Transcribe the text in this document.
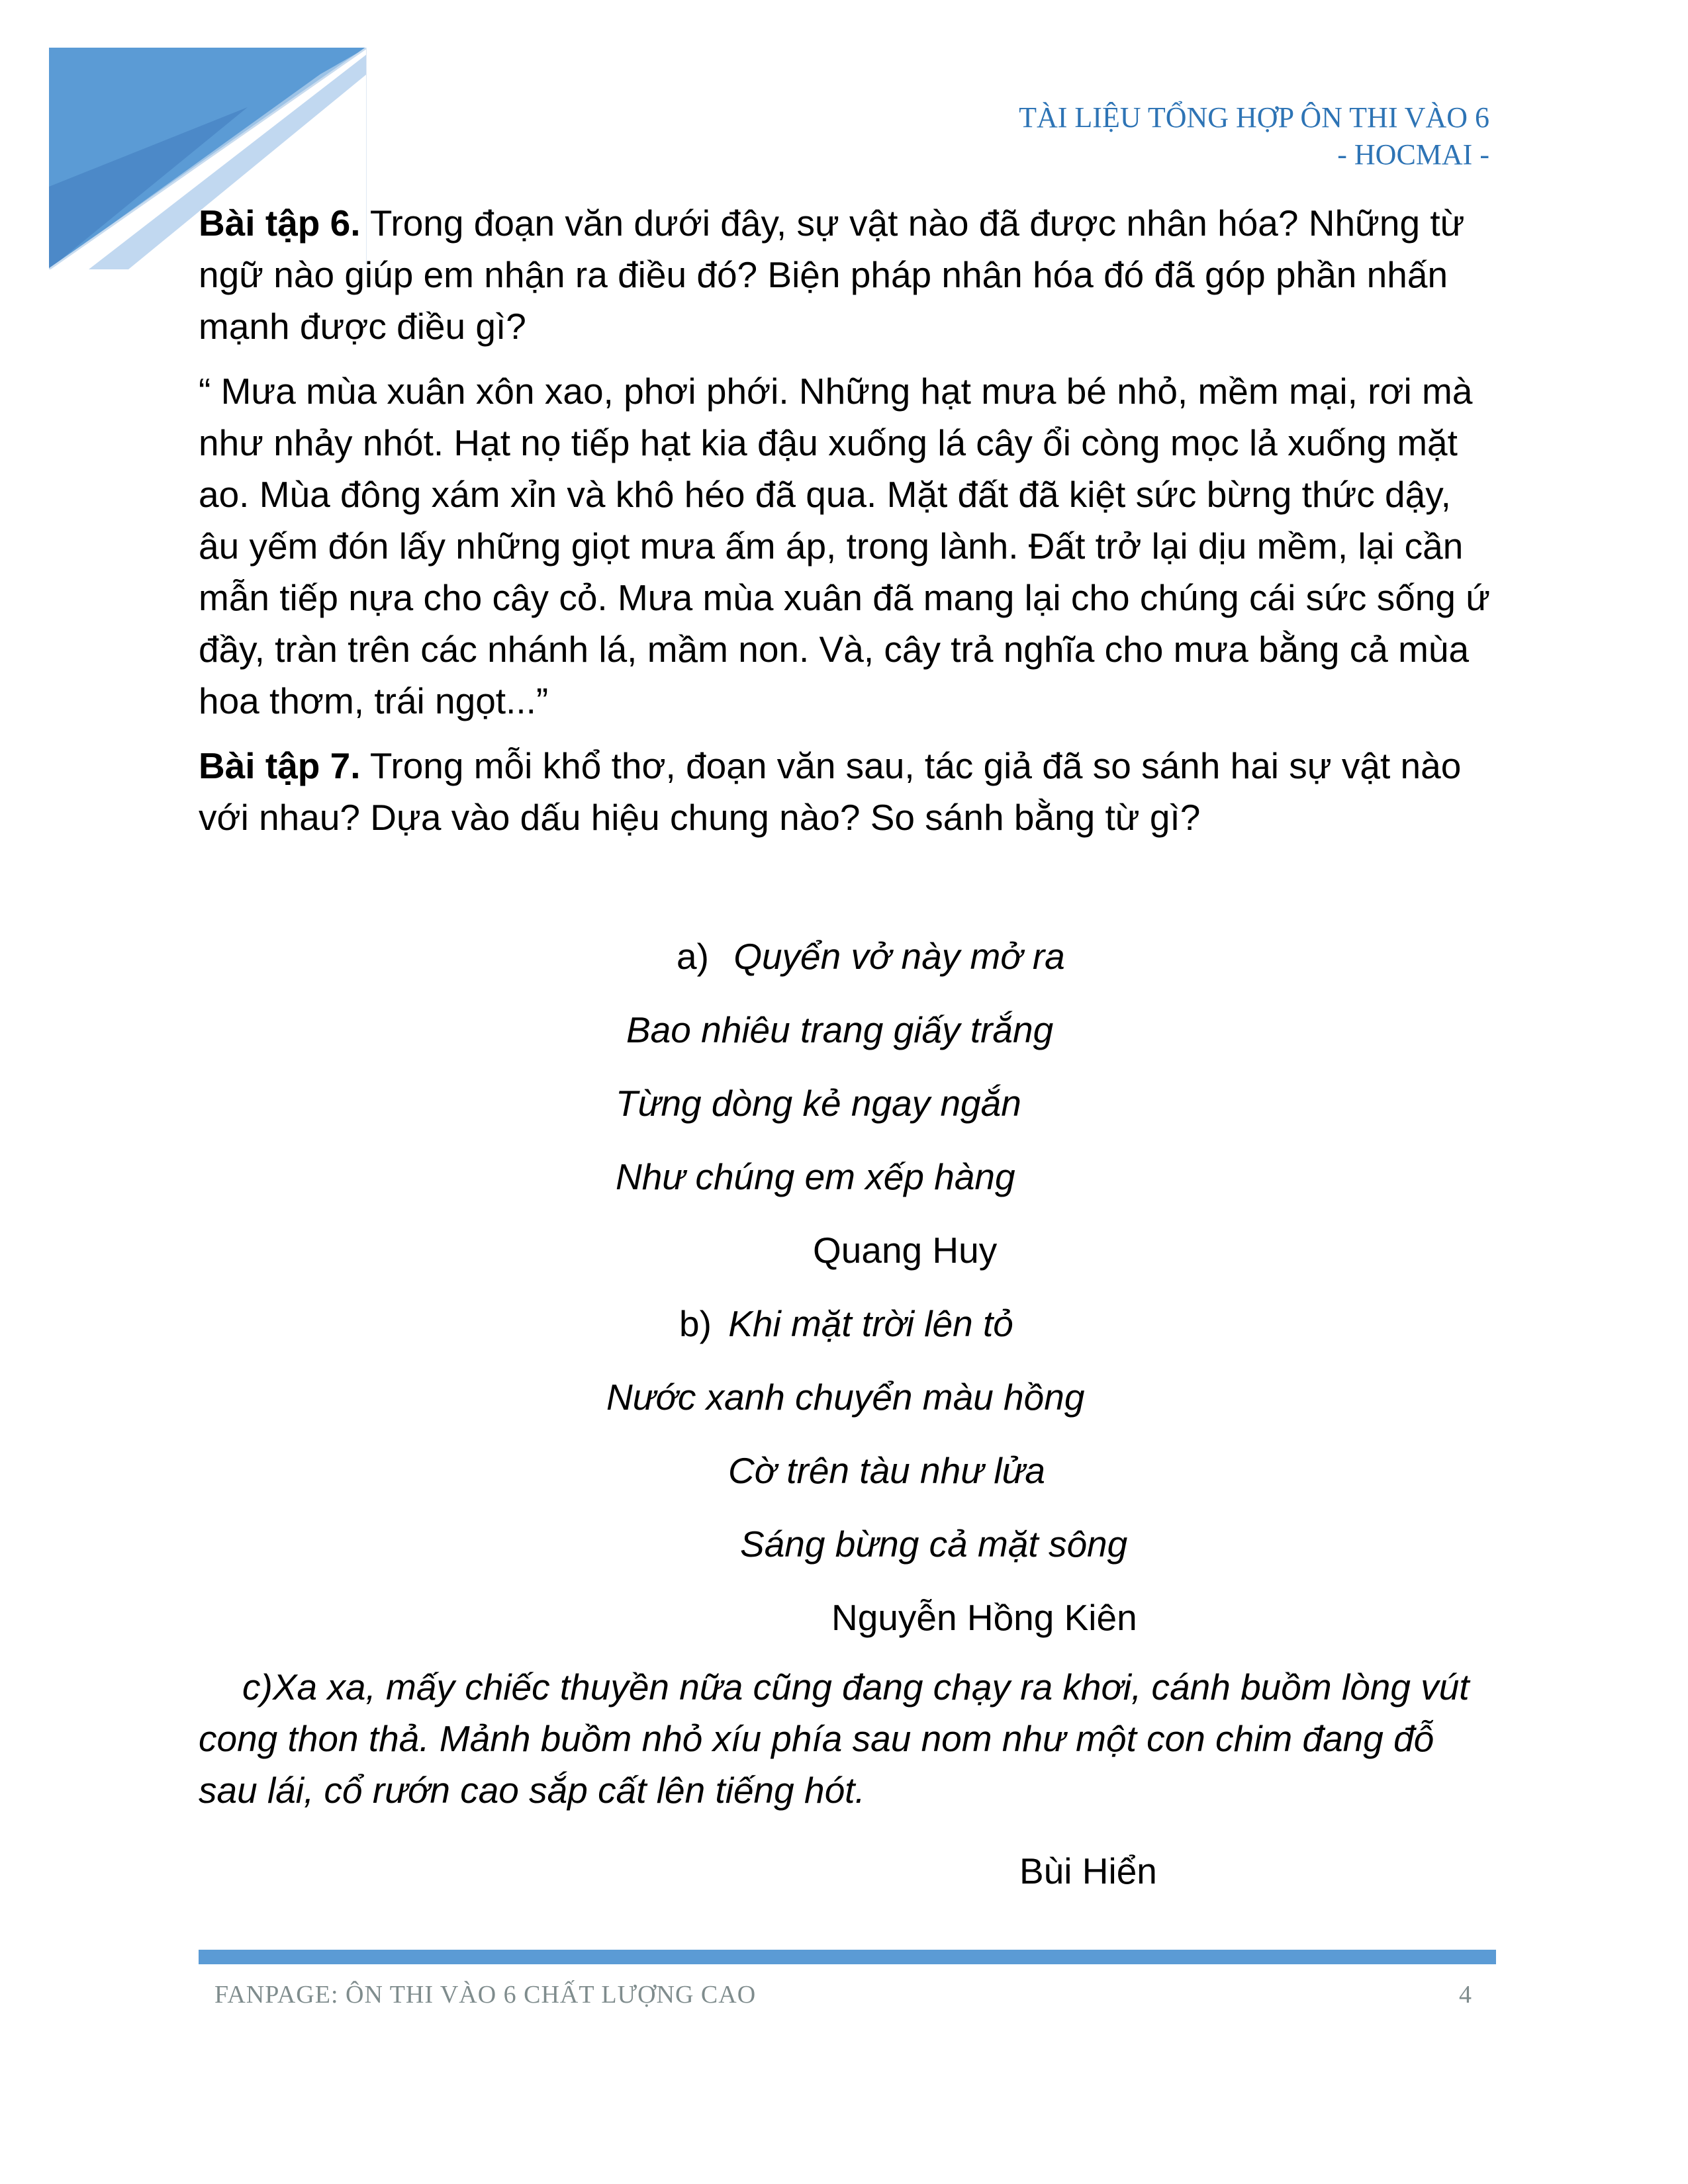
TÀI LIỆU TỔNG HỢP ÔN THI VÀO 6
- HOCMAI -

Bài tập 6. Trong đoạn văn dưới đây, sự vật nào đã được nhân hóa? Những từ ngữ nào giúp em nhận ra điều đó? Biện pháp nhân hóa đó đã góp phần nhấn mạnh được điều gì?

“ Mưa mùa xuân xôn xao, phơi phới. Những hạt mưa bé nhỏ, mềm mại, rơi mà như nhảy nhót. Hạt nọ tiếp hạt kia đậu xuống lá cây ổi còng mọc lả xuống mặt ao. Mùa đông xám xỉn và khô héo đã qua. Mặt đất đã kiệt sức bừng thức dậy, âu yếm đón lấy những giọt mưa ấm áp, trong lành. Đất trở lại dịu mềm, lại cần mẫn tiếp nựa cho cây cỏ. Mưa mùa xuân đã mang lại cho chúng cái sức sống ứ đầy, tràn trên các nhánh lá, mầm non. Và, cây trả nghĩa cho mưa bằng cả mùa hoa thơm, trái ngọt...”

Bài tập 7. Trong mỗi khổ thơ, đoạn văn sau, tác giả đã so sánh hai sự vật nào với nhau? Dựa vào dấu hiệu chung nào? So sánh bằng từ gì?

a) Quyển vở này mở ra
Bao nhiêu trang giấy trắng
Từng dòng kẻ ngay ngắn
Như chúng em xếp hàng
Quang Huy
b) Khi mặt trời lên tỏ
Nước xanh chuyển màu hồng
Cờ trên tàu như lửa
Sáng bừng cả mặt sông
Nguyễn Hồng Kiên
c)Xa xa, mấy chiếc thuyền nữa cũng đang chạy ra khơi, cánh buồm lòng vút cong thon thả. Mảnh buồm nhỏ xíu phía sau nom như một con chim đang đỗ sau lái, cổ rướn cao sắp cất lên tiếng hót.
Bùi Hiển
FANPAGE: ÔN THI VÀO 6 CHẤT LƯỢNG CAO	4
